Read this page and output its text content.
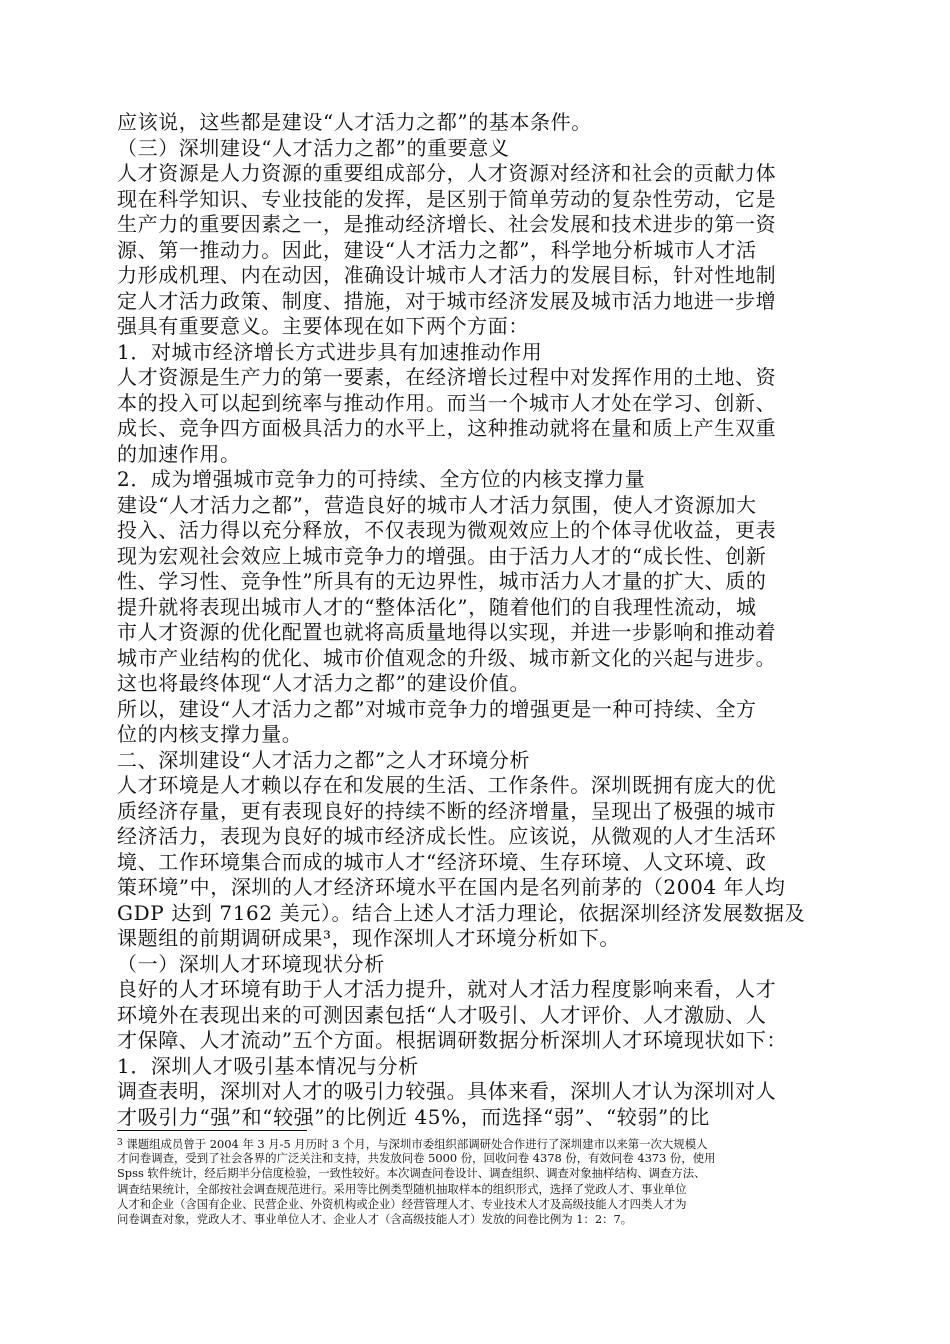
应该说，这些都是建设“人才活力之都”的基本条件。
（三）深圳建设“人才活力之都”的重要意义
人才资源是人力资源的重要组成部分，人才资源对经济和社会的贡献力体
现在科学知识、专业技能的发挥，是区别于简单劳动的复杂性劳动，它是
生产力的重要因素之一，是推动经济增长、社会发展和技术进步的第一资
源、第一推动力。因此，建设“人才活力之都”，科学地分析城市人才活
力形成机理、内在动因，准确设计城市人才活力的发展目标，针对性地制
定人才活力政策、制度、措施，对于城市经济发展及城市活力地进一步增
强具有重要意义。主要体现在如下两个方面：
1．对城市经济增长方式进步具有加速推动作用
人才资源是生产力的第一要素，在经济增长过程中对发挥作用的土地、资
本的投入可以起到统率与推动作用。而当一个城市人才处在学习、创新、
成长、竞争四方面极具活力的水平上，这种推动就将在量和质上产生双重
的加速作用。
2．成为增强城市竞争力的可持续、全方位的内核支撑力量
建设“人才活力之都”，营造良好的城市人才活力氛围，使人才资源加大
投入、活力得以充分释放，不仅表现为微观效应上的个体寻优收益，更表
现为宏观社会效应上城市竞争力的增强。由于活力人才的“成长性、创新
性、学习性、竞争性”所具有的无边界性，城市活力人才量的扩大、质的
提升就将表现出城市人才的“整体活化”，随着他们的自我理性流动，城
市人才资源的优化配置也就将高质量地得以实现，并进一步影响和推动着
城市产业结构的优化、城市价值观念的升级、城市新文化的兴起与进步。
这也将最终体现“人才活力之都”的建设价值。
所以，建设“人才活力之都”对城市竞争力的增强更是一种可持续、全方
位的内核支撑力量。
二、深圳建设“人才活力之都”之人才环境分析
人才环境是人才赖以存在和发展的生活、工作条件。深圳既拥有庞大的优
质经济存量，更有表现良好的持续不断的经济增量，呈现出了极强的城市
经济活力，表现为良好的城市经济成长性。应该说，从微观的人才生活环
境、工作环境集合而成的城市人才“经济环境、生存环境、人文环境、政
策环境”中，深圳的人才经济环境水平在国内是名列前茅的（2004 年人均
GDP 达到 7162 美元）。结合上述人才活力理论，依据深圳经济发展数据及
课题组的前期调研成果³，现作深圳人才环境分析如下。
（一）深圳人才环境现状分析
良好的人才环境有助于人才活力提升，就对人才活力程度影响来看，人才
环境外在表现出来的可测因素包括“人才吸引、人才评价、人才激励、人
才保障、人才流动”五个方面。根据调研数据分析深圳人才环境现状如下：
1．深圳人才吸引基本情况与分析
调查表明，深圳对人才的吸引力较强。具体来看，深圳人才认为深圳对人
才吸引力“强”和“较强”的比例近 45%，而选择“弱”、“较弱”的比
$^3$ 课题组成员曾于 2004 年 3 月-5 月历时 3 个月，与深圳市委组织部调研处合作进行了深圳建市以来第一次大规模人
才问卷调查，受到了社会各界的广泛关注和支持，共发放问卷 5000 份，回收问卷 4378 份，有效问卷 4373 份，使用
Spss 软件统计，经后期半分信度检验，一致性较好。本次调查问卷设计、调查组织、调查对象抽样结构、调查方法、
调查结果统计，全部按社会调查规范进行。采用等比例类型随机抽取样本的组织形式，选择了党政人才、事业单位
人才和企业（含国有企业、民营企业、外资机构或企业）经营管理人才、专业技术人才及高级技能人才四类人才为
问卷调查对象，党政人才、事业单位人才、企业人才（含高级技能人才）发放的问卷比例为 1：2：7。
